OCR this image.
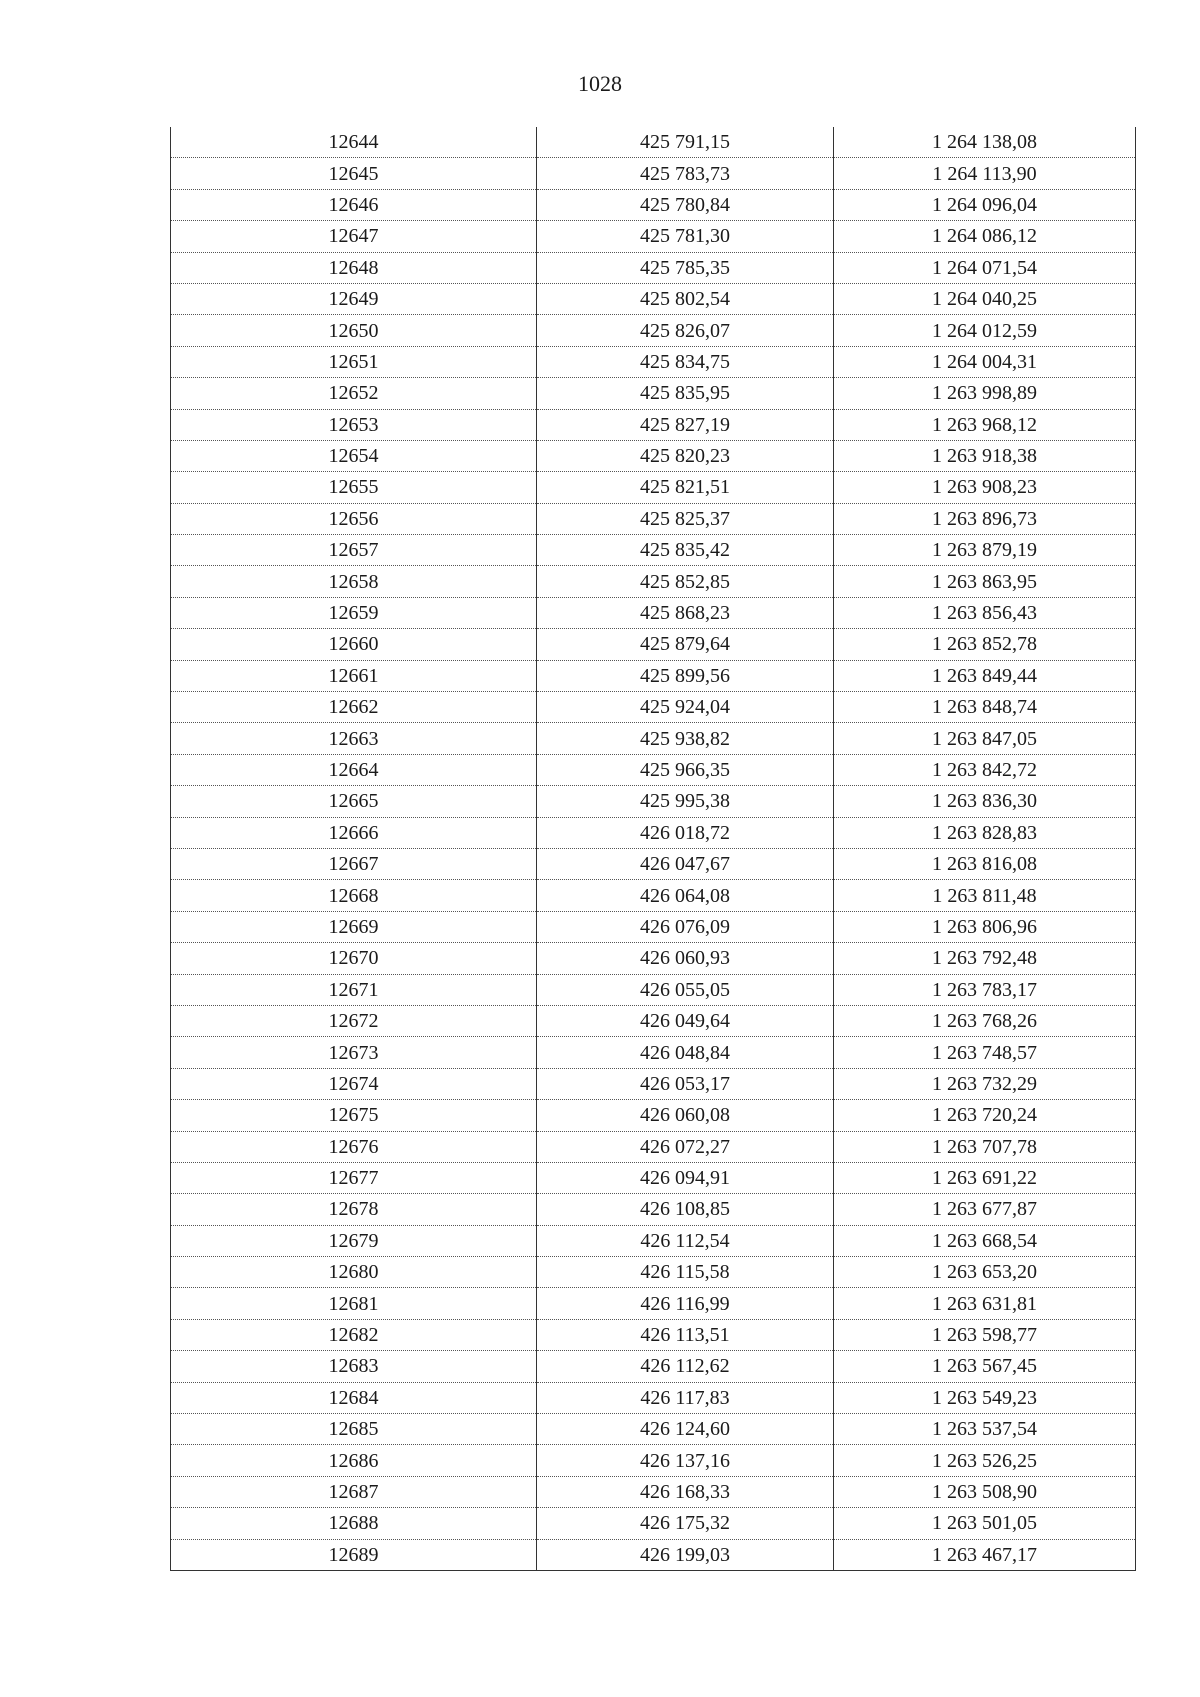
1028
12644	425 791,15	1 264 138,08
12645	425 783,73	1 264 113,90
12646	425 780,84	1 264 096,04
12647	425 781,30	1 264 086,12
12648	425 785,35	1 264 071,54
12649	425 802,54	1 264 040,25
12650	425 826,07	1 264 012,59
12651	425 834,75	1 264 004,31
12652	425 835,95	1 263 998,89
12653	425 827,19	1 263 968,12
12654	425 820,23	1 263 918,38
12655	425 821,51	1 263 908,23
12656	425 825,37	1 263 896,73
12657	425 835,42	1 263 879,19
12658	425 852,85	1 263 863,95
12659	425 868,23	1 263 856,43
12660	425 879,64	1 263 852,78
12661	425 899,56	1 263 849,44
12662	425 924,04	1 263 848,74
12663	425 938,82	1 263 847,05
12664	425 966,35	1 263 842,72
12665	425 995,38	1 263 836,30
12666	426 018,72	1 263 828,83
12667	426 047,67	1 263 816,08
12668	426 064,08	1 263 811,48
12669	426 076,09	1 263 806,96
12670	426 060,93	1 263 792,48
12671	426 055,05	1 263 783,17
12672	426 049,64	1 263 768,26
12673	426 048,84	1 263 748,57
12674	426 053,17	1 263 732,29
12675	426 060,08	1 263 720,24
12676	426 072,27	1 263 707,78
12677	426 094,91	1 263 691,22
12678	426 108,85	1 263 677,87
12679	426 112,54	1 263 668,54
12680	426 115,58	1 263 653,20
12681	426 116,99	1 263 631,81
12682	426 113,51	1 263 598,77
12683	426 112,62	1 263 567,45
12684	426 117,83	1 263 549,23
12685	426 124,60	1 263 537,54
12686	426 137,16	1 263 526,25
12687	426 168,33	1 263 508,90
12688	426 175,32	1 263 501,05
12689	426 199,03	1 263 467,17
